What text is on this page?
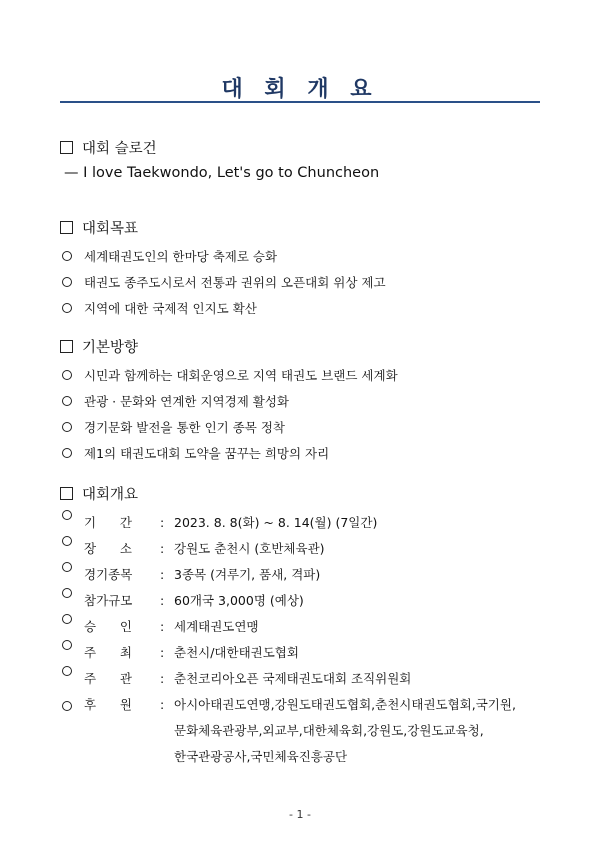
대 회 개 요
대회 슬로건
— I love Taekwondo, Let's go to Chuncheon
대회목표
세계태권도인의 한마당 축제로 승화
태권도 종주도시로서 전통과 권위의 오픈대회 위상 제고
지역에 대한 국제적 인지도 확산
기본방향
시민과 함께하는 대회운영으로 지역 태권도 브랜드 세계화
관광 · 문화와 연계한 지역경제 활성화
경기문화 발전을 통한 인기 종목 정착
제1의 태권도대회 도약을 꿈꾸는 희망의 자리
대회개요
기      간	: 2023. 8. 8(화) ~ 8. 14(월) (7일간)
장      소	: 강원도 춘천시 (호반체육관)
경기종목	: 3종목 (겨루기, 품새, 격파)
참가규모	: 60개국 3,000명 (예상)
승      인	: 세계태권도연맹
주      최	: 춘천시/대한태권도협회
주      관	: 춘천코리아오픈 국제태권도대회 조직위원회
후      원	: 아시아태권도연맹,강원도태권도협회,춘천시태권도협회,국기원,
문화체육관광부,외교부,대한체육회,강원도,강원도교육청,
한국관광공사,국민체육진흥공단
- 1 -
